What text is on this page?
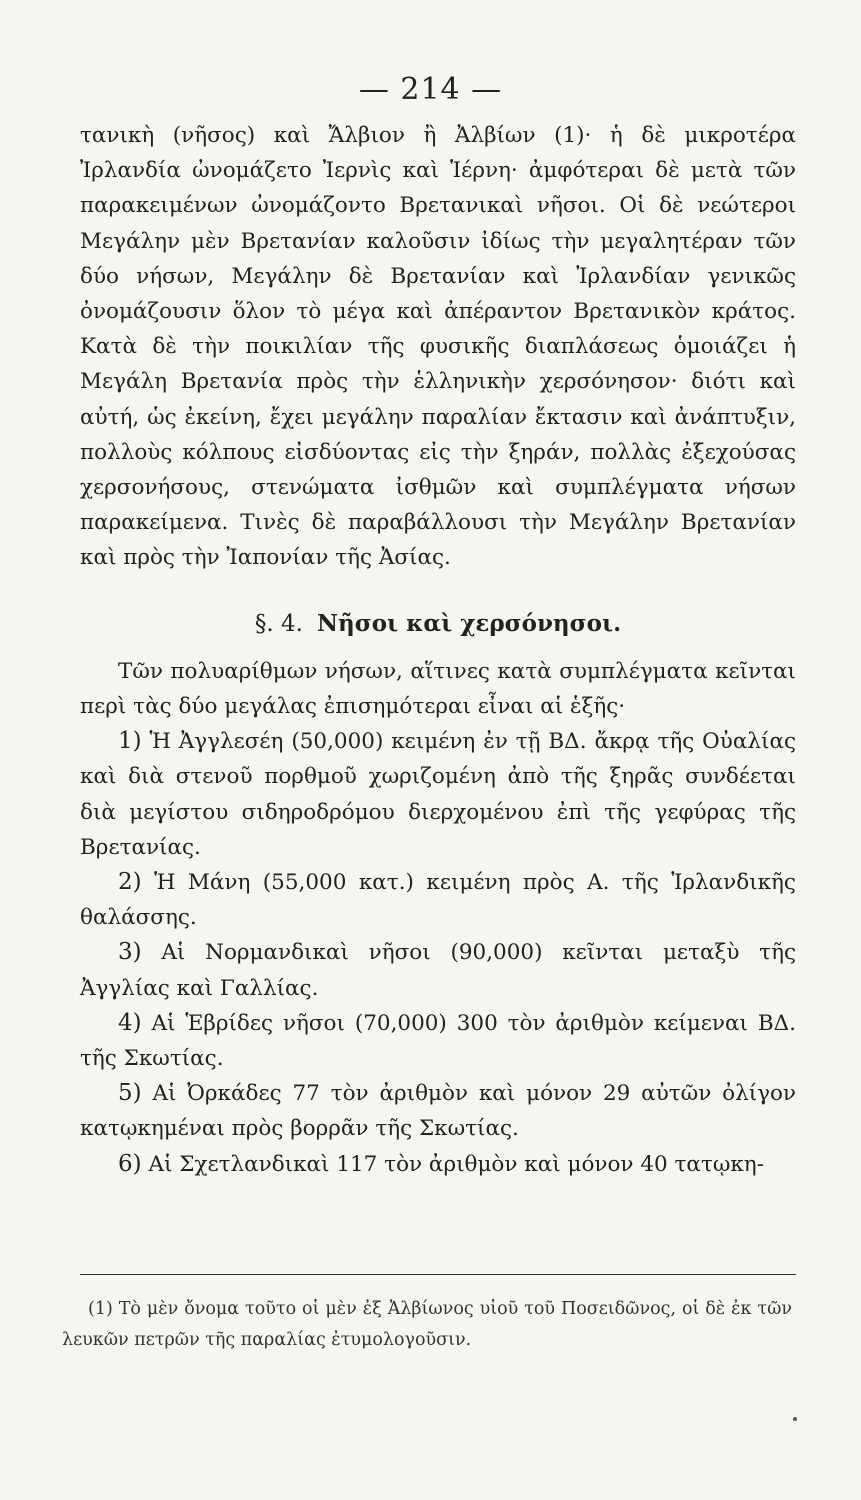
— 214 —

τανικὴ (νῆσος) καὶ Ἄλβιον ἢ Ἀλβίων (1)· ἡ δὲ μικροτέρα Ἰρλανδία ὠνομάζετο Ἰερνὶς καὶ Ἱέρνη· ἀμφότεραι δὲ μετὰ τῶν παρακειμένων ὠνομάζοντο Βρετανικαὶ νῆσοι. Οἱ δὲ νεώτεροι Μεγάλην μὲν Βρετανίαν καλοῦσιν ἰδίως τὴν μεγαλητέραν τῶν δύο νήσων, Μεγάλην δὲ Βρετανίαν καὶ Ἰρλανδίαν γενικῶς ὀνομάζουσιν ὅλον τὸ μέγα καὶ ἀπέραντον Βρετανικὸν κράτος. Κατὰ δὲ τὴν ποικιλίαν τῆς φυσικῆς διαπλάσεως ὁμοιάζει ἡ Μεγάλη Βρετανία πρὸς τὴν ἑλληνικὴν χερσόνησον· διότι καὶ αὐτή, ὡς ἐκείνη, ἔχει μεγάλην παραλίαν ἔκτασιν καὶ ἀνάπτυξιν, πολλοὺς κόλπους εἰσδύοντας εἰς τὴν ξηράν, πολλὰς ἐξεχούσας χερσονήσους, στενώματα ἰσθμῶν καὶ συμπλέγματα νήσων παρακείμενα. Τινὲς δὲ παραβάλλουσι τὴν Μεγάλην Βρετανίαν καὶ πρὸς τὴν Ἰαπονίαν τῆς Ἀσίας.

§. 4. Νῆσοι καὶ χερσόνησοι.

Τῶν πολυαρίθμων νήσων, αἵτινες κατὰ συμπλέγματα κεῖνται περὶ τὰς δύο μεγάλας ἐπισημότεραι εἶναι αἱ ἑξῆς·

1) Ἡ Ἀγγλεσέη (50,000) κειμένη ἐν τῇ ΒΔ. ἄκρᾳ τῆς Οὐαλίας καὶ διὰ στενοῦ πορθμοῦ χωριζομένη ἀπὸ τῆς ξηρᾶς συνδέεται διὰ μεγίστου σιδηροδρόμου διερχομένου ἐπὶ τῆς γεφύρας τῆς Βρετανίας.

2) Ἡ Μάνη (55,000 κατ.) κειμένη πρὸς Α. τῆς Ἰρλανδικῆς θαλάσσης.

3) Αἱ Νορμανδικαὶ νῆσοι (90,000) κεῖνται μεταξὺ τῆς Ἀγγλίας καὶ Γαλλίας.

4) Αἱ Ἑβρίδες νῆσοι (70,000) 300 τὸν ἀριθμὸν κείμεναι ΒΔ. τῆς Σκωτίας.

5) Αἱ Ὀρκάδες 77 τὸν ἀριθμὸν καὶ μόνον 29 αὐτῶν ὀλίγον κατῳκημέναι πρὸς βορρᾶν τῆς Σκωτίας.

6) Αἱ Σχετλανδικαὶ 117 τὸν ἀριθμὸν καὶ μόνον 40 τατῳκη-

(1) Τὸ μὲν ὄνομα τοῦτο οἱ μὲν ἐξ Ἀλβίωνος υἱοῦ τοῦ Ποσειδῶνος, οἱ δὲ ἐκ τῶν λευκῶν πετρῶν τῆς παραλίας ἐτυμολογοῦσιν.
